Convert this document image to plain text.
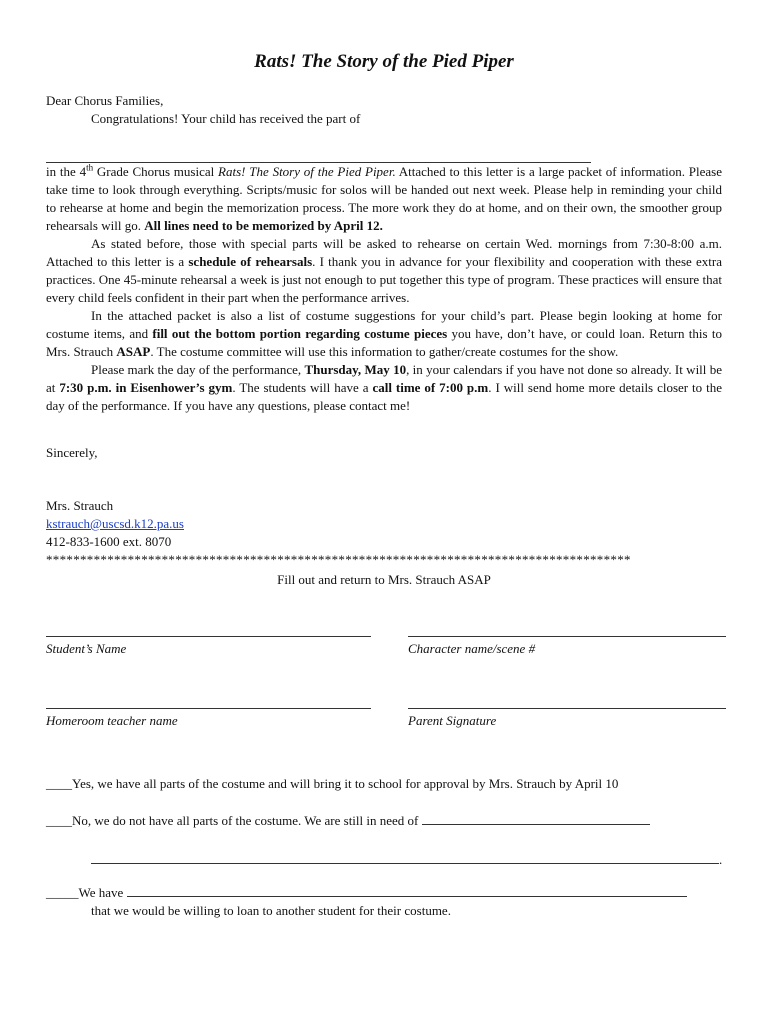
Rats! The Story of the Pied Piper

Dear Chorus Families,

Congratulations! Your child has received the part of

in the 4th Grade Chorus musical Rats! The Story of the Pied Piper. Attached to this letter is a large packet of information. Please take time to look through everything. Scripts/music for solos will be handed out next week. Please help in reminding your child to rehearse at home and begin the memorization process. The more work they do at home, and on their own, the smoother group rehearsals will go. All lines need to be memorized by April 12.

As stated before, those with special parts will be asked to rehearse on certain Wed. mornings from 7:30-8:00 a.m. Attached to this letter is a schedule of rehearsals. I thank you in advance for your flexibility and cooperation with these extra practices. One 45-minute rehearsal a week is just not enough to put together this type of program. These practices will ensure that every child feels confident in their part when the performance arrives.

In the attached packet is also a list of costume suggestions for your child’s part. Please begin looking at home for costume items, and fill out the bottom portion regarding costume pieces you have, don’t have, or could loan. Return this to Mrs. Strauch ASAP. The costume committee will use this information to gather/create costumes for the show.

Please mark the day of the performance, Thursday, May 10, in your calendars if you have not done so already. It will be at 7:30 p.m. in Eisenhower’s gym. The students will have a call time of 7:00 p.m. I will send home more details closer to the day of the performance. If you have any questions, please contact me!

Sincerely,

Mrs. Strauch

kstrauch@uscsd.k12.pa.us

412-833-1600 ext. 8070

**************************************************************************************

Fill out and return to Mrs. Strauch ASAP

Student’s Name	Character name/scene #
Homeroom teacher name	Parent Signature

____Yes, we have all parts of the costume and will bring it to school for approval by Mrs. Strauch by April 10

____No, we do not have all parts of the costume. We are still in need of

.

_____We have

that we would be willing to loan to another student for their costume.
